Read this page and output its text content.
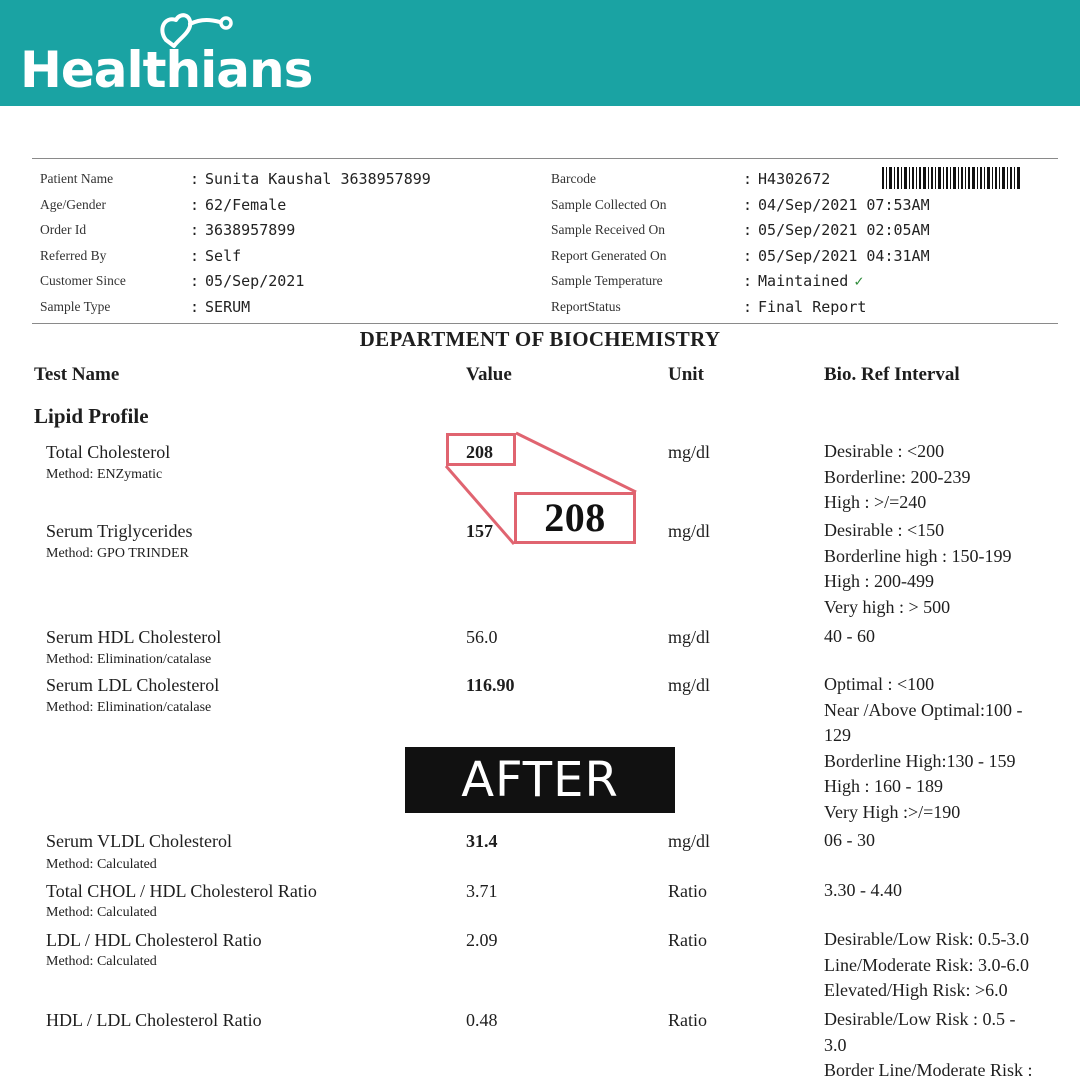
Healthians
Patient Name	: Sunita Kaushal 3638957899
Age/Gender	: 62/Female
Order Id	: 3638957899
Referred By	: Self
Customer Since	: 05/Sep/2021
Sample Type	: SERUM
Barcode	: H4302672
Sample Collected On	: 04/Sep/2021 07:53AM
Sample Received On	: 05/Sep/2021 02:05AM
Report Generated On	: 05/Sep/2021 04:31AM
Sample Temperature	: Maintained ✓
ReportStatus	: Final Report
DEPARTMENT OF BIOCHEMISTRY
Test Name	Value	Unit	Bio. Ref Interval
Lipid Profile
Total Cholesterol
Method: ENZymatic
208	mg/dl	Desirable : <200
Borderline: 200-239
High : >/=240
Serum Triglycerides
Method: GPO TRINDER
157	mg/dl	Desirable : <150
Borderline high : 150-199
High : 200-499
Very high : > 500
Serum HDL Cholesterol
Method: Elimination/catalase
56.0	mg/dl	40 - 60
Serum LDL Cholesterol
Method: Elimination/catalase
116.90	mg/dl	Optimal : <100
Near /Above Optimal:100 -
129
Borderline High:130 - 159
High : 160 - 189
Very High :>/=190
Serum VLDL Cholesterol
Method: Calculated
31.4	mg/dl	06 - 30
Total CHOL / HDL Cholesterol Ratio
Method: Calculated
3.71	Ratio	3.30 - 4.40
LDL / HDL Cholesterol Ratio
Method: Calculated
2.09	Ratio	Desirable/Low Risk: 0.5-3.0
Line/Moderate Risk: 3.0-6.0
Elevated/High Risk: >6.0
HDL / LDL Cholesterol Ratio	0.48	Ratio	Desirable/Low Risk : 0.5 -
3.0
Border Line/Moderate Risk :
208
AFTER
